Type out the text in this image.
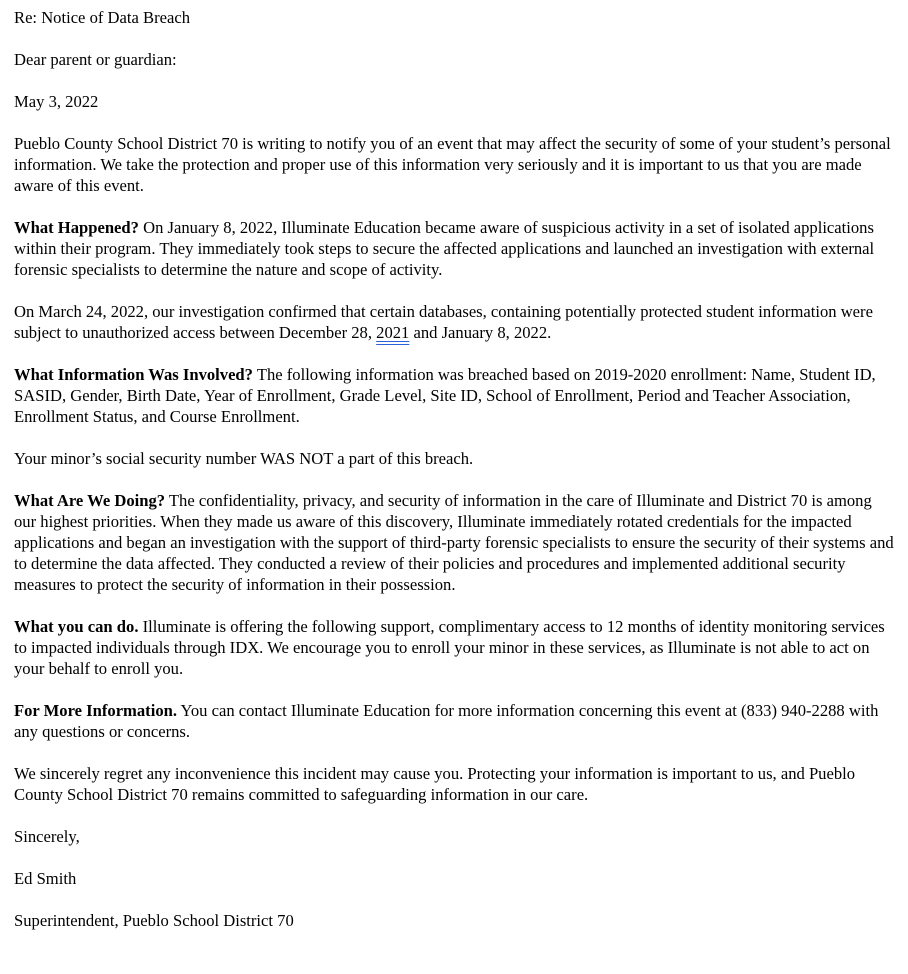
Re: Notice of Data Breach

Dear parent or guardian:

May 3, 2022

Pueblo County School District 70 is writing to notify you of an event that may affect the security of some of your student’s personal information. We take the protection and proper use of this information very seriously and it is important to us that you are made aware of this event.

What Happened? On January 8, 2022, Illuminate Education became aware of suspicious activity in a set of isolated applications within their program. They immediately took steps to secure the affected applications and launched an investigation with external forensic specialists to determine the nature and scope of activity.

On March 24, 2022, our investigation confirmed that certain databases, containing potentially protected student information were subject to unauthorized access between December 28, 2021 and January 8, 2022.

What Information Was Involved? The following information was breached based on 2019-2020 enrollment: Name, Student ID, SASID, Gender, Birth Date, Year of Enrollment, Grade Level, Site ID, School of Enrollment, Period and Teacher Association, Enrollment Status, and Course Enrollment.

Your minor’s social security number WAS NOT a part of this breach.

What Are We Doing? The confidentiality, privacy, and security of information in the care of Illuminate and District 70 is among our highest priorities. When they made us aware of this discovery, Illuminate immediately rotated credentials for the impacted applications and began an investigation with the support of third-party forensic specialists to ensure the security of their systems and to determine the data affected. They conducted a review of their policies and procedures and implemented additional security measures to protect the security of information in their possession.

What you can do. Illuminate is offering the following support, complimentary access to 12 months of identity monitoring services to impacted individuals through IDX. We encourage you to enroll your minor in these services, as Illuminate is not able to act on your behalf to enroll you.

For More Information. You can contact Illuminate Education for more information concerning this event at (833) 940-2288 with any questions or concerns.

We sincerely regret any inconvenience this incident may cause you. Protecting your information is important to us, and Pueblo County School District 70 remains committed to safeguarding information in our care.

Sincerely,

Ed Smith

Superintendent, Pueblo School District 70
